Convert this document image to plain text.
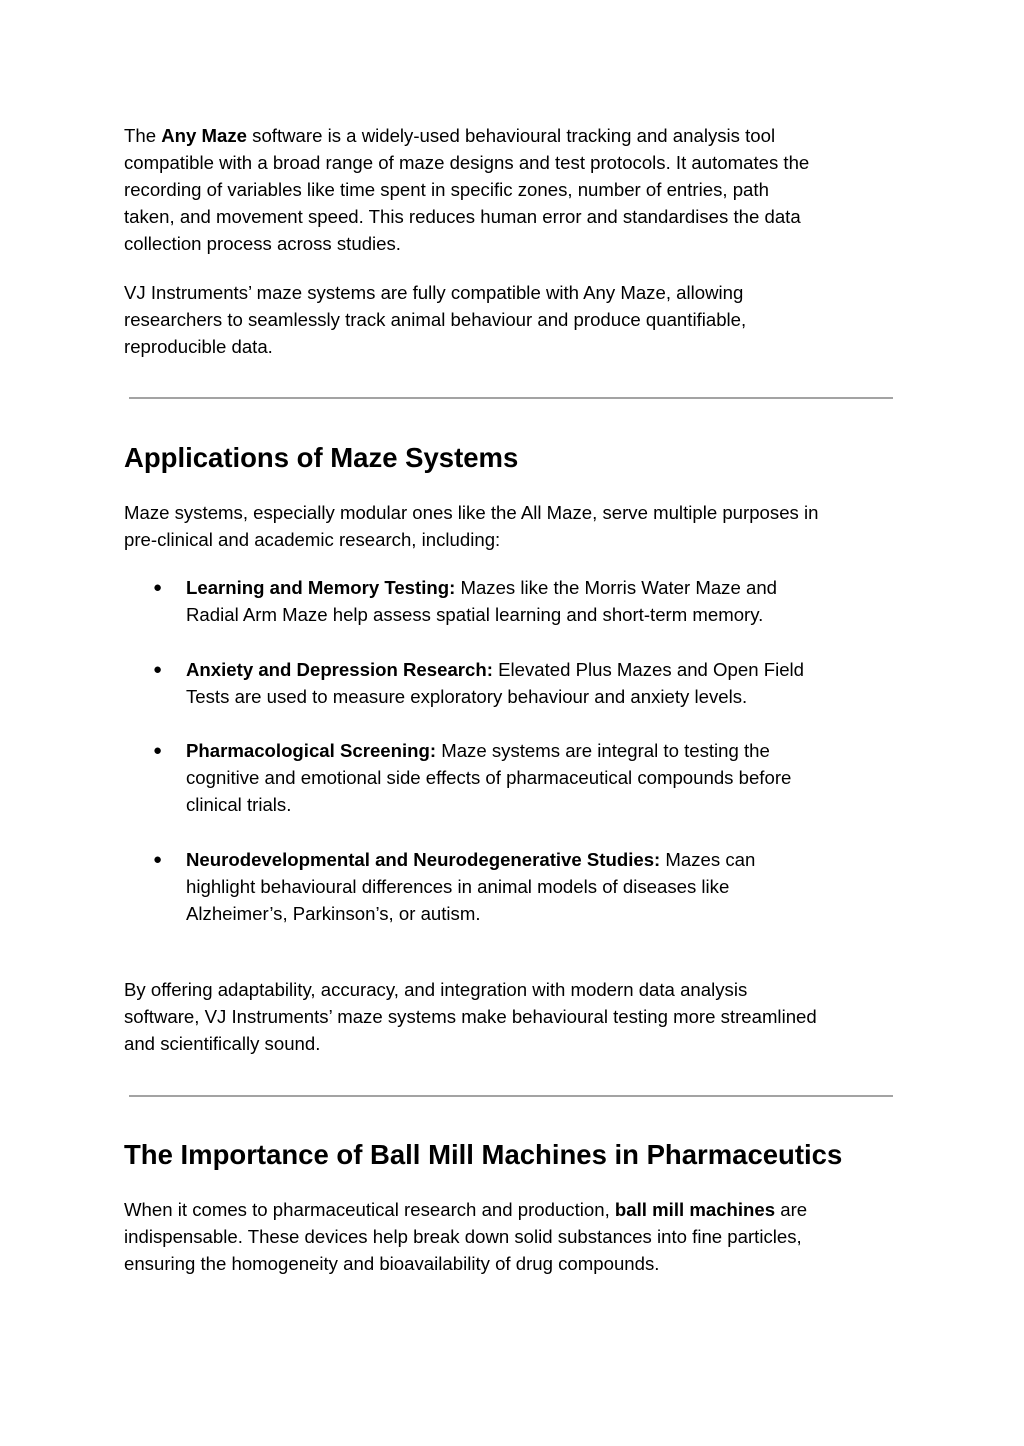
The Any Maze software is a widely-used behavioural tracking and analysis tool

compatible with a broad range of maze designs and test protocols. It automates the

recording of variables like time spent in specific zones, number of entries, path

taken, and movement speed. This reduces human error and standardises the data

collection process across studies.

VJ Instruments’ maze systems are fully compatible with Any Maze, allowing

researchers to seamlessly track animal behaviour and produce quantifiable,

reproducible data.

Applications of Maze Systems

Maze systems, especially modular ones like the All Maze, serve multiple purposes in

pre-clinical and academic research, including:

● Learning and Memory Testing: Mazes like the Morris Water Maze and

Radial Arm Maze help assess spatial learning and short-term memory.

● Anxiety and Depression Research: Elevated Plus Mazes and Open Field

Tests are used to measure exploratory behaviour and anxiety levels.

● Pharmacological Screening: Maze systems are integral to testing the

cognitive and emotional side effects of pharmaceutical compounds before

clinical trials.

● Neurodevelopmental and Neurodegenerative Studies: Mazes can

highlight behavioural differences in animal models of diseases like

Alzheimer’s, Parkinson’s, or autism.

By offering adaptability, accuracy, and integration with modern data analysis

software, VJ Instruments’ maze systems make behavioural testing more streamlined

and scientifically sound.

The Importance of Ball Mill Machines in Pharmaceutics

When it comes to pharmaceutical research and production, ball mill machines are

indispensable. These devices help break down solid substances into fine particles,

ensuring the homogeneity and bioavailability of drug compounds.
